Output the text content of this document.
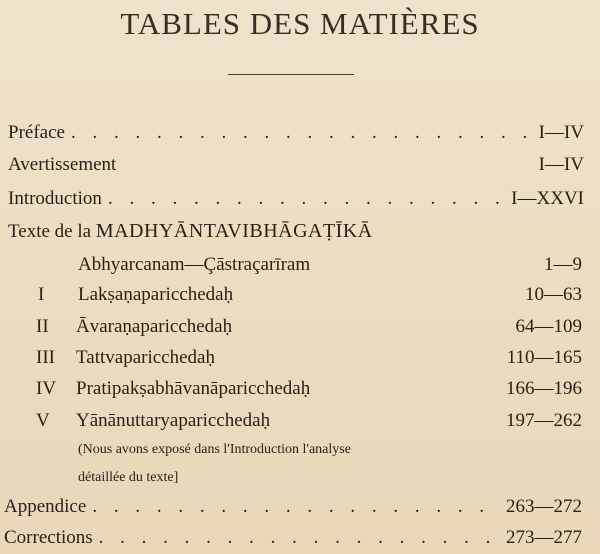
TABLES DES MATIÈRES
Préface . . .	I—IV
Avertissement	I—IV
Introduction . . .	I—XXVI
Texte de la MADHYĀNTAVIBHĀGAṬĪKĀ
Abhyarcanam—Çāstraçarīram	1—9
I	Lakṣaṇaparicchedaḥ	10—63
II	Āvaraṇaparicchedaḥ	64—109
III	Tattvaparicchedaḥ	110—165
IV	Pratipakṣabhāvanāparicchedaḥ	166—196
V	Yānānuttaryaparicchedaḥ	197—262
(Nous avons exposé dans l'Introduction l'analyse
détaillée du texte]
Appendice . . .	263—272
Corrections . . .	273—277
